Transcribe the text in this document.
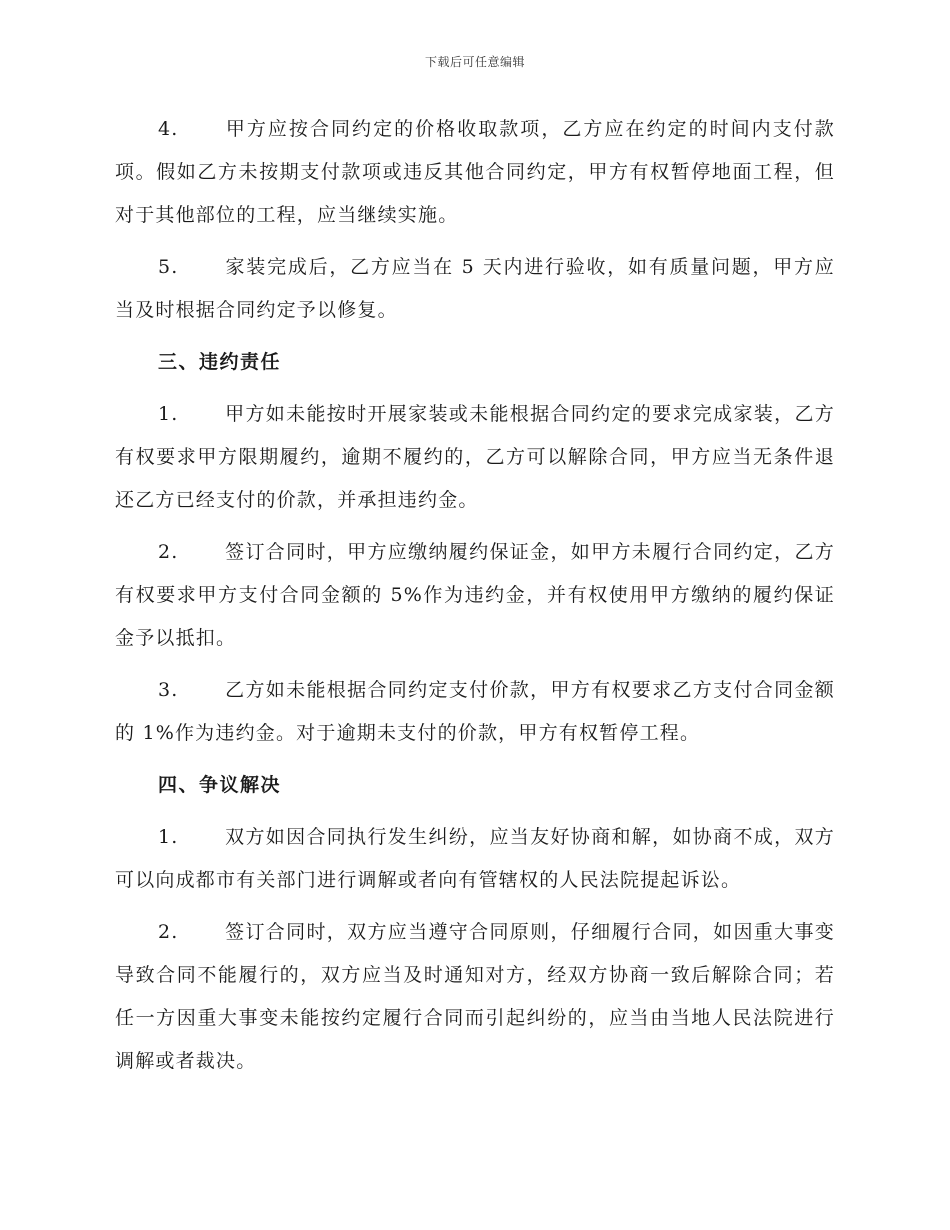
下载后可任意编辑

4. 甲方应按合同约定的价格收取款项，乙方应在约定的时间内支付款项。假如乙方未按期支付款项或违反其他合同约定，甲方有权暂停地面工程，但对于其他部位的工程，应当继续实施。

5. 家装完成后，乙方应当在 5 天内进行验收，如有质量问题，甲方应当及时根据合同约定予以修复。

三、违约责任

1. 甲方如未能按时开展家装或未能根据合同约定的要求完成家装，乙方有权要求甲方限期履约，逾期不履约的，乙方可以解除合同，甲方应当无条件退还乙方已经支付的价款，并承担违约金。

2. 签订合同时，甲方应缴纳履约保证金，如甲方未履行合同约定，乙方有权要求甲方支付合同金额的 5%作为违约金，并有权使用甲方缴纳的履约保证金予以抵扣。

3. 乙方如未能根据合同约定支付价款，甲方有权要求乙方支付合同金额的 1%作为违约金。对于逾期未支付的价款，甲方有权暂停工程。

四、争议解决

1. 双方如因合同执行发生纠纷，应当友好协商和解，如协商不成，双方可以向成都市有关部门进行调解或者向有管辖权的人民法院提起诉讼。

2. 签订合同时，双方应当遵守合同原则，仔细履行合同，如因重大事变导致合同不能履行的，双方应当及时通知对方，经双方协商一致后解除合同；若任一方因重大事变未能按约定履行合同而引起纠纷的，应当由当地人民法院进行调解或者裁决。
